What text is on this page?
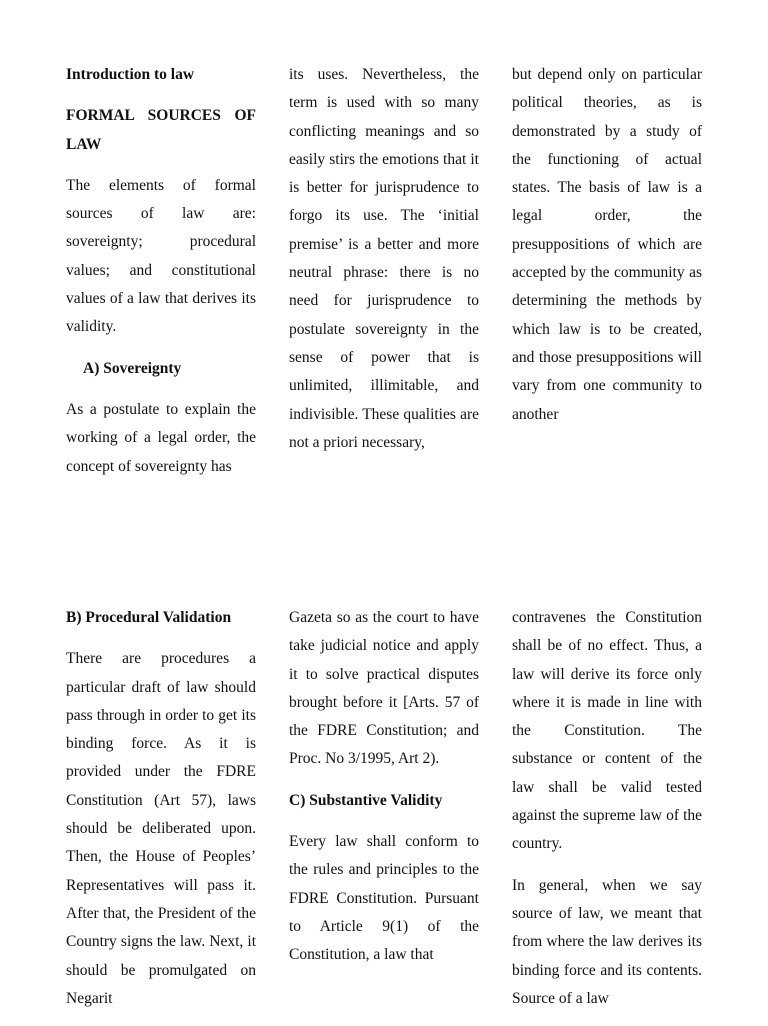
Introduction to law
FORMAL SOURCES OF LAW

The elements of formal sources of law are: sovereignty; procedural values; and constitutional values of a law that derives its validity.

A) Sovereignty

As a postulate to explain the working of a legal order, the concept of sovereignty has

its uses. Nevertheless, the term is used with so many conflicting meanings and so easily stirs the emotions that it is better for jurisprudence to forgo its use. The ‘initial premise’ is a better and more neutral phrase: there is no need for jurisprudence to postulate sovereignty in the sense of power that is unlimited, illimitable, and indivisible. These qualities are not a priori necessary,

but depend only on particular political theories, as is demonstrated by a study of the functioning of actual states. The basis of law is a legal order, the presuppositions of which are accepted by the community as determining the methods by which law is to be created, and those presuppositions will vary from one community to another

B) Procedural Validation

There are procedures a particular draft of law should pass through in order to get its binding force. As it is provided under the FDRE Constitution (Art 57), laws should be deliberated upon. Then, the House of Peoples’ Representatives will pass it. After that, the President of the Country signs the law. Next, it should be promulgated on Negarit

Gazeta so as the court to have take judicial notice and apply it to solve practical disputes brought before it [Arts. 57 of the FDRE Constitution; and Proc. No 3/1995, Art 2).

C) Substantive Validity

Every law shall conform to the rules and principles to the FDRE Constitution. Pursuant to Article 9(1) of the Constitution, a law that

contravenes the Constitution shall be of no effect. Thus, a law will derive its force only where it is made in line with the Constitution. The substance or content of the law shall be valid tested against the supreme law of the country.

In general, when we say source of law, we meant that from where the law derives its binding force and its contents. Source of a law
